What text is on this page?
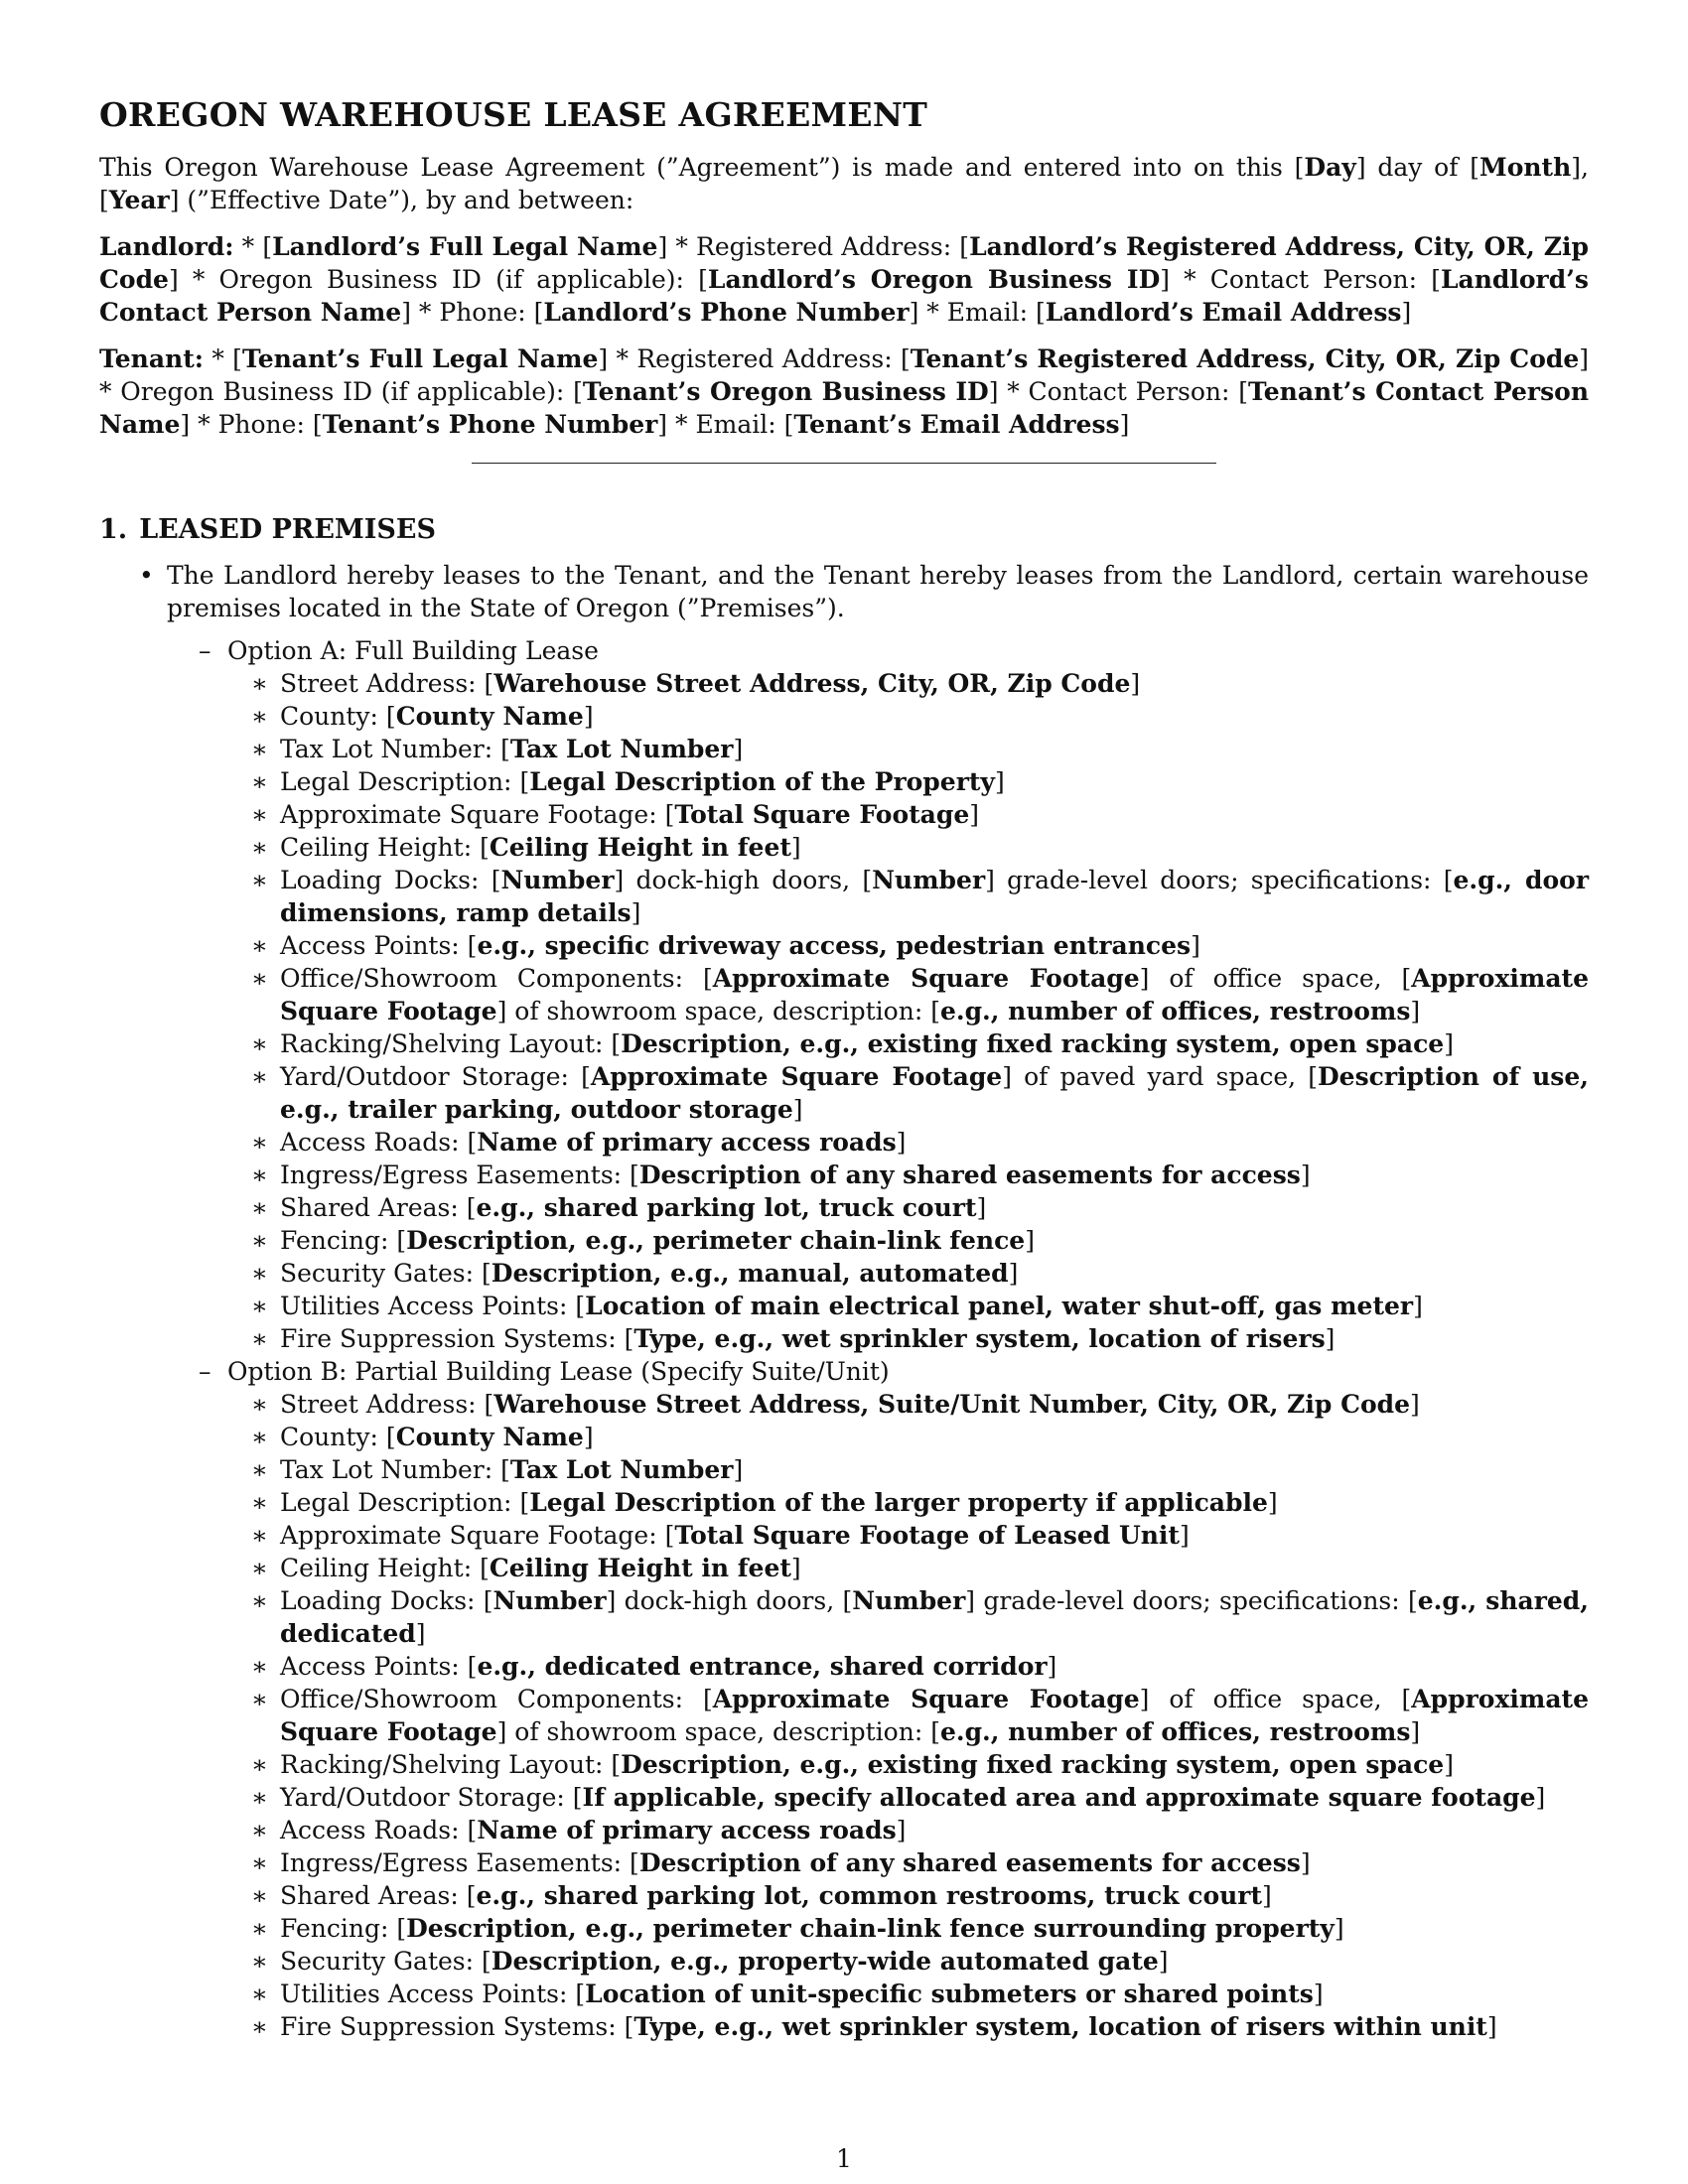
OREGON WAREHOUSE LEASE AGREEMENT

This Oregon Warehouse Lease Agreement (”Agreement”) is made and entered into on this [Day] day of [Month], [Year] (”Effective Date”), by and between:

Landlord: * [Landlord’s Full Legal Name] * Registered Address: [Landlord’s Registered Address, City, OR, Zip Code] * Oregon Business ID (if applicable): [Landlord’s Oregon Business ID] * Contact Person: [Landlord’s Contact Person Name] * Phone: [Landlord’s Phone Number] * Email: [Landlord’s Email Address]

Tenant: * [Tenant’s Full Legal Name] * Registered Address: [Tenant’s Registered Address, City, OR, Zip Code] * Oregon Business ID (if applicable): [Tenant’s Oregon Business ID] * Contact Person: [Tenant’s Contact Person Name] * Phone: [Tenant’s Phone Number] * Email: [Tenant’s Email Address]

1. LEASED PREMISES
• The Landlord hereby leases to the Tenant, and the Tenant hereby leases from the Landlord, certain warehouse premises located in the State of Oregon (”Premises”).
– Option A: Full Building Lease
∗ Street Address: [Warehouse Street Address, City, OR, Zip Code]
∗ County: [County Name]
∗ Tax Lot Number: [Tax Lot Number]
∗ Legal Description: [Legal Description of the Property]
∗ Approximate Square Footage: [Total Square Footage]
∗ Ceiling Height: [Ceiling Height in feet]
∗ Loading Docks: [Number] dock-high doors, [Number] grade-level doors; specifications: [e.g., door dimensions, ramp details]
∗ Access Points: [e.g., specific driveway access, pedestrian entrances]
∗ Office/Showroom Components: [Approximate Square Footage] of office space, [Approximate Square Footage] of showroom space, description: [e.g., number of offices, restrooms]
∗ Racking/Shelving Layout: [Description, e.g., existing fixed racking system, open space]
∗ Yard/Outdoor Storage: [Approximate Square Footage] of paved yard space, [Description of use, e.g., trailer parking, outdoor storage]
∗ Access Roads: [Name of primary access roads]
∗ Ingress/Egress Easements: [Description of any shared easements for access]
∗ Shared Areas: [e.g., shared parking lot, truck court]
∗ Fencing: [Description, e.g., perimeter chain-link fence]
∗ Security Gates: [Description, e.g., manual, automated]
∗ Utilities Access Points: [Location of main electrical panel, water shut-off, gas meter]
∗ Fire Suppression Systems: [Type, e.g., wet sprinkler system, location of risers]
– Option B: Partial Building Lease (Specify Suite/Unit)
∗ Street Address: [Warehouse Street Address, Suite/Unit Number, City, OR, Zip Code]
∗ County: [County Name]
∗ Tax Lot Number: [Tax Lot Number]
∗ Legal Description: [Legal Description of the larger property if applicable]
∗ Approximate Square Footage: [Total Square Footage of Leased Unit]
∗ Ceiling Height: [Ceiling Height in feet]
∗ Loading Docks: [Number] dock-high doors, [Number] grade-level doors; specifications: [e.g., shared, dedicated]
∗ Access Points: [e.g., dedicated entrance, shared corridor]
∗ Office/Showroom Components: [Approximate Square Footage] of office space, [Approximate Square Footage] of showroom space, description: [e.g., number of offices, restrooms]
∗ Racking/Shelving Layout: [Description, e.g., existing fixed racking system, open space]
∗ Yard/Outdoor Storage: [If applicable, specify allocated area and approximate square footage]
∗ Access Roads: [Name of primary access roads]
∗ Ingress/Egress Easements: [Description of any shared easements for access]
∗ Shared Areas: [e.g., shared parking lot, common restrooms, truck court]
∗ Fencing: [Description, e.g., perimeter chain-link fence surrounding property]
∗ Security Gates: [Description, e.g., property-wide automated gate]
∗ Utilities Access Points: [Location of unit-specific submeters or shared points]
∗ Fire Suppression Systems: [Type, e.g., wet sprinkler system, location of risers within unit]
1
